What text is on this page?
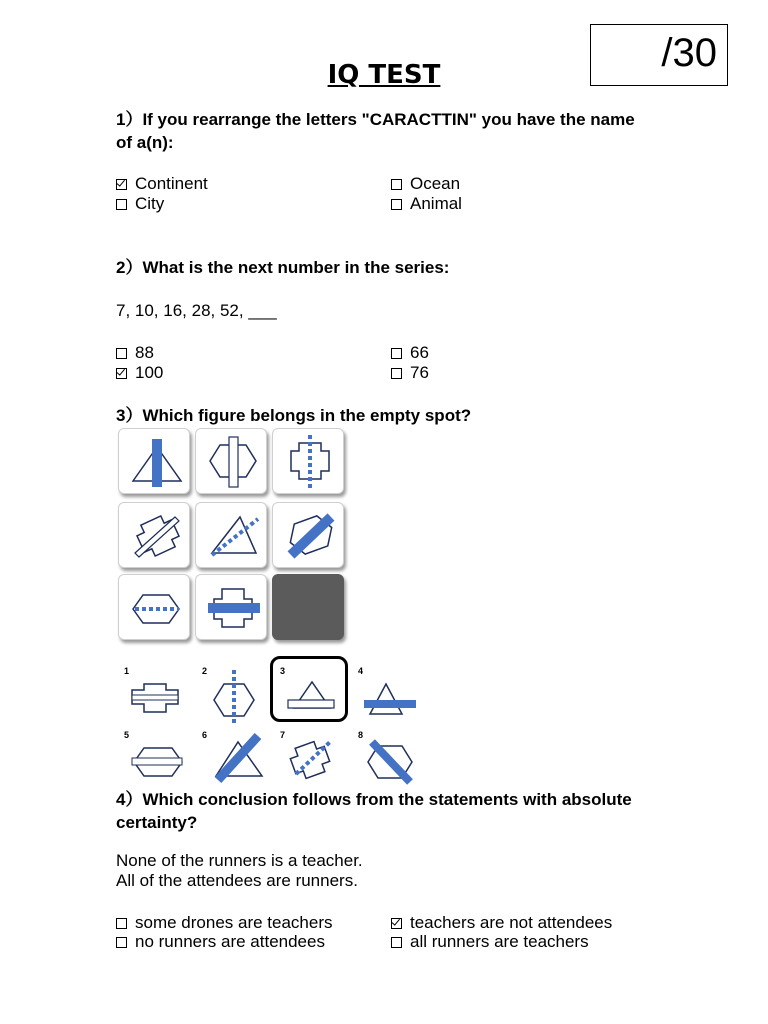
/30
IQ TEST
1）If you rearrange the letters "CARACTTIN" you have the name of a(n):
Continent	Ocean
City	Animal
2）What is the next number in the series:
7, 10, 16, 28, 52, ___
88	66
100	76
3）Which figure belongs in the empty spot?
1	2	3	4
5	6	7	8
4）Which conclusion follows from the statements with absolute certainty?
None of the runners is a teacher.
All of the attendees are runners.
some drones are teachers	teachers are not attendees
no runners are attendees	all runners are teachers
